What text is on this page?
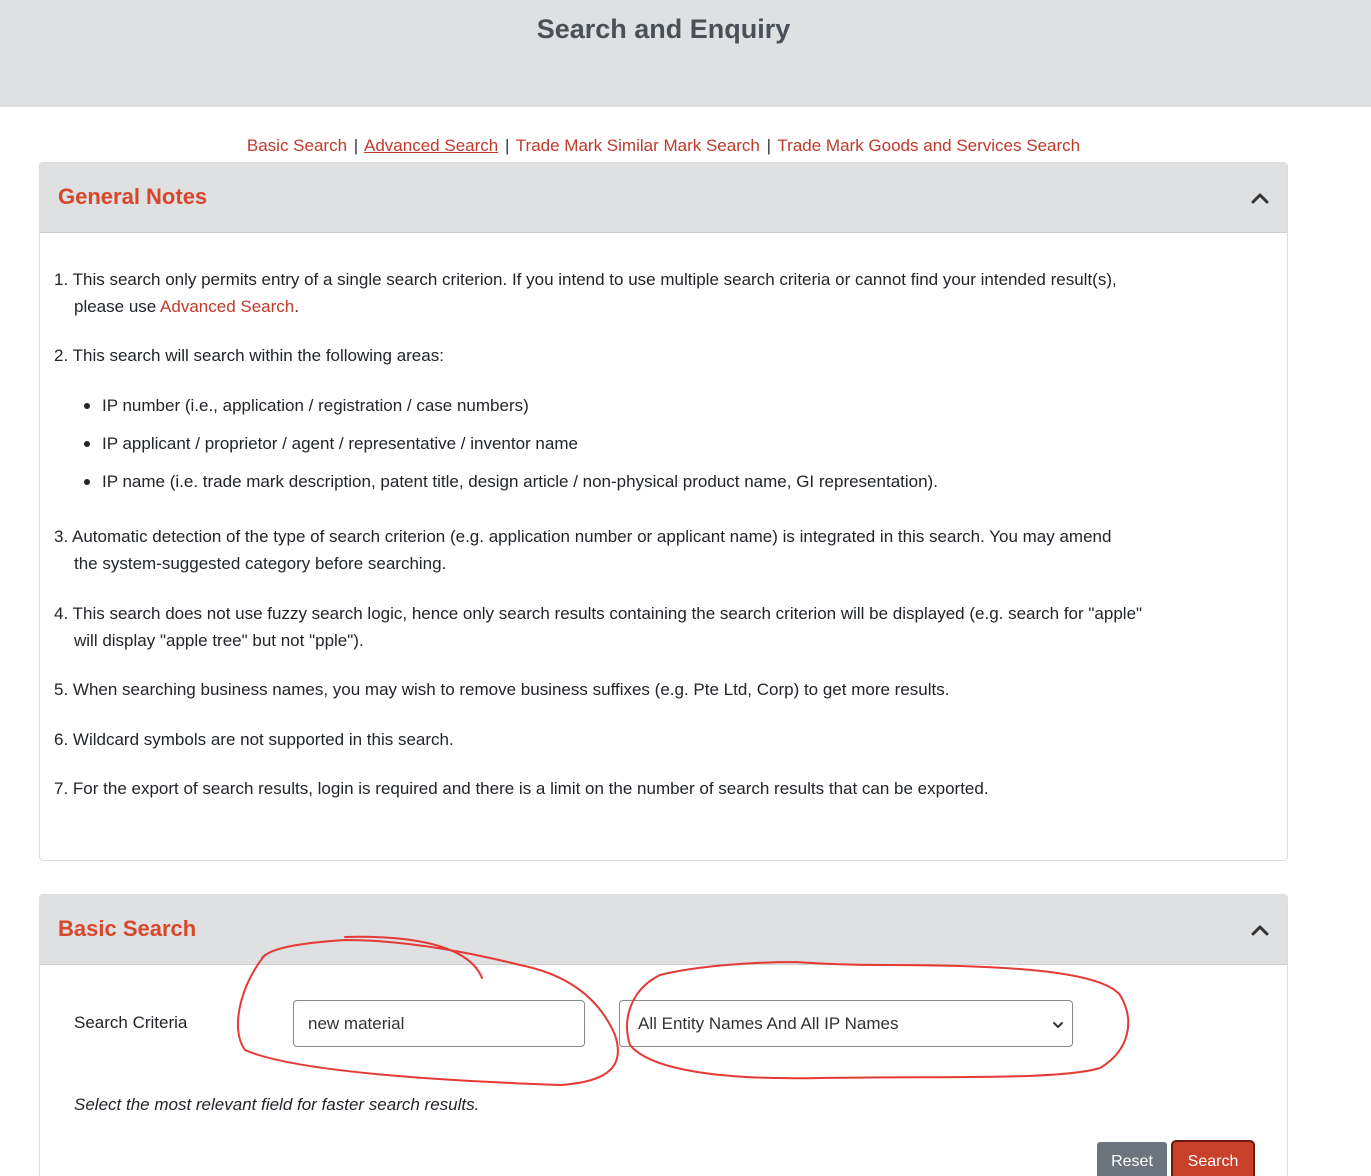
Search and Enquiry
Basic Search | Advanced Search | Trade Mark Similar Mark Search | Trade Mark Goods and Services Search
General Notes
1. This search only permits entry of a single search criterion. If you intend to use multiple search criteria or cannot find your intended result(s),
please use Advanced Search.
2. This search will search within the following areas:
IP number (i.e., application / registration / case numbers)
IP applicant / proprietor / agent / representative / inventor name
IP name (i.e. trade mark description, patent title, design article / non-physical product name, GI representation).
3. Automatic detection of the type of search criterion (e.g. application number or applicant name) is integrated in this search. You may amend
the system-suggested category before searching.
4. This search does not use fuzzy search logic, hence only search results containing the search criterion will be displayed (e.g. search for "apple"
will display "apple tree" but not "pple").
5. When searching business names, you may wish to remove business suffixes (e.g. Pte Ltd, Corp) to get more results.
6. Wildcard symbols are not supported in this search.
7. For the export of search results, login is required and there is a limit on the number of search results that can be exported.
Basic Search
Search Criteria
new material	All Entity Names And All IP Names
Select the most relevant field for faster search results.
Reset	Search
